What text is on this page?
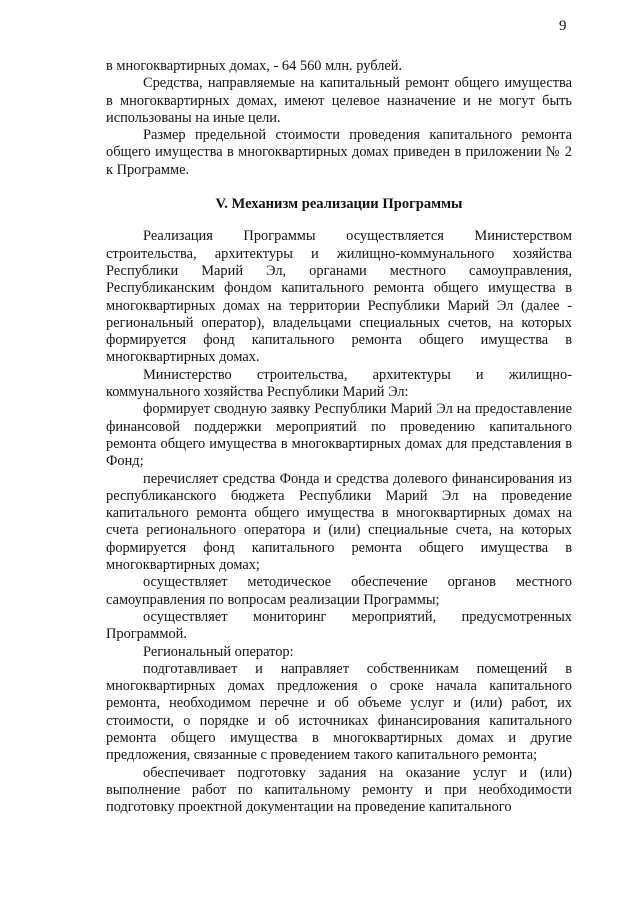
9

в многоквартирных домах, - 64 560 млн. рублей.

Средства, направляемые на капитальный ремонт общего имущества в многоквартирных домах, имеют целевое назначение и не могут быть использованы на иные цели.

Размер предельной стоимости проведения капитального ремонта общего имущества в многоквартирных домах приведен в приложении № 2 к Программе.

V. Механизм реализации Программы

Реализация Программы осуществляется Министерством строительства, архитектуры и жилищно-коммунального хозяйства Республики Марий Эл, органами местного самоуправления, Республиканским фондом капитального ремонта общего имущества в многоквартирных домах на территории Республики Марий Эл (далее - региональный оператор), владельцами специальных счетов, на которых формируется фонд капитального ремонта общего имущества в многоквартирных домах.

Министерство строительства, архитектуры и жилищно-коммунального хозяйства Республики Марий Эл:

формирует сводную заявку Республики Марий Эл на предоставление финансовой поддержки мероприятий по проведению капитального ремонта общего имущества в многоквартирных домах для представления в Фонд;

перечисляет средства Фонда и средства долевого финансирования из республиканского бюджета Республики Марий Эл на проведение капитального ремонта общего имущества в многоквартирных домах на счета регионального оператора и (или) специальные счета, на которых формируется фонд капитального ремонта общего имущества в многоквартирных домах;

осуществляет методическое обеспечение органов местного самоуправления по вопросам реализации Программы;

осуществляет мониторинг мероприятий, предусмотренных Программой.

Региональный оператор:

подготавливает и направляет собственникам помещений в многоквартирных домах предложения о сроке начала капитального ремонта, необходимом перечне и об объеме услуг и (или) работ, их стоимости, о порядке и об источниках финансирования капитального ремонта общего имущества в многоквартирных домах и другие предложения, связанные с проведением такого капитального ремонта;

обеспечивает подготовку задания на оказание услуг и (или) выполнение работ по капитальному ремонту и при необходимости подготовку проектной документации на проведение капитального
